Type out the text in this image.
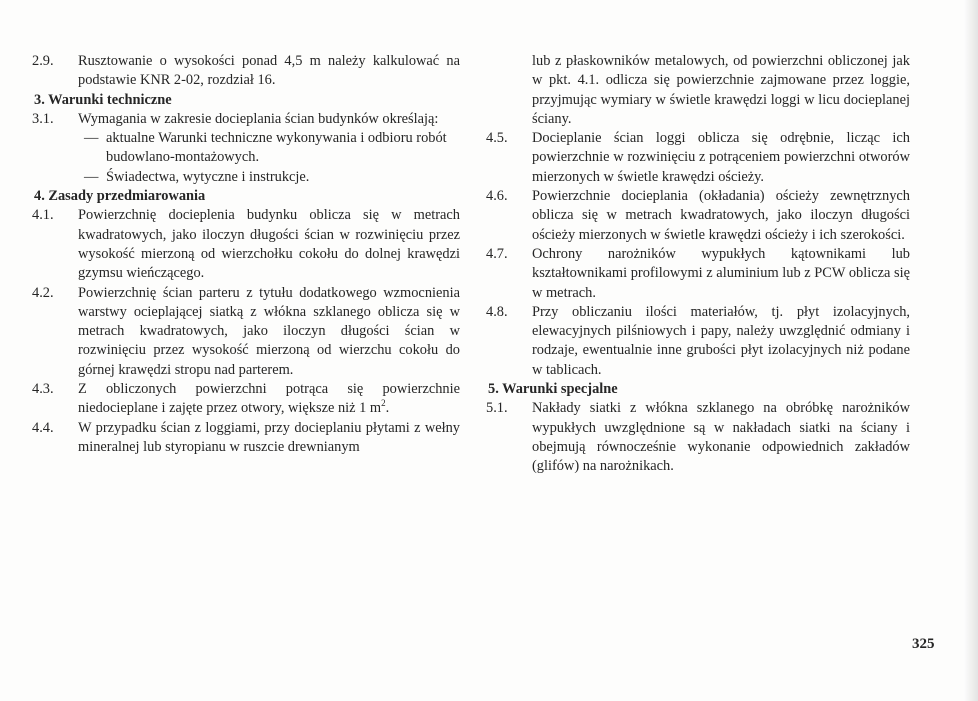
2.9.	Rusztowanie o wysokości ponad 4,5 m należy kalkulować na podstawie KNR 2-02, rozdział 16.
3. Warunki techniczne
3.1.	Wymagania w zakresie docieplania ścian budynków określają:
— aktualne Warunki techniczne wykonywania i odbioru robót budowlano-montażowych.
— Świadectwa, wytyczne i instrukcje.
4. Zasady przedmiarowania
4.1.	Powierzchnię docieplenia budynku oblicza się w metrach kwadratowych, jako iloczyn długości ścian w rozwinięciu przez wysokość mierzoną od wierzchołku cokołu do dolnej krawędzi gzymsu wieńczącego.
4.2.	Powierzchnię ścian parteru z tytułu dodatkowego wzmocnienia warstwy ocieplającej siatką z włókna szklanego oblicza się w metrach kwadratowych, jako iloczyn długości ścian w rozwinięciu przez wysokość mierzoną od wierzchu cokołu do górnej krawędzi stropu nad parterem.
4.3.	Z obliczonych powierzchni potrąca się powierzchnie niedocieplane i zajęte przez otwory, większe niż 1 $m^2$.
4.4.	W przypadku ścian z loggiami, przy docieplaniu płytami z wełny mineralnej lub styropianu w ruszcie drewnianym
lub z płaskowników metalowych, od powierzchni obliczonej jak w pkt. 4.1. odlicza się powierzchnie zajmowane przez loggie, przyjmując wymiary w świetle krawędzi loggi w licu docieplanej ściany.
4.5.	Docieplanie ścian loggi oblicza się odrębnie, licząc ich powierzchnie w rozwinięciu z potrąceniem powierzchni otworów mierzonych w świetle krawędzi ościeży.
4.6.	Powierzchnie docieplania (okładania) ościeży zewnętrznych oblicza się w metrach kwadratowych, jako iloczyn długości ościeży mierzonych w świetle krawędzi ościeży i ich szerokości.
4.7.	Ochrony narożników wypukłych kątownikami lub kształtownikami profilowymi z aluminium lub z PCW oblicza się w metrach.
4.8.	Przy obliczaniu ilości materiałów, tj. płyt izolacyjnych, elewacyjnych pilśniowych i papy, należy uwzględnić odmiany i rodzaje, ewentualnie inne grubości płyt izolacyjnych niż podane w tablicach.
5. Warunki specjalne
5.1.	Nakłady siatki z włókna szklanego na obróbkę narożników wypukłych uwzględnione są w nakładach siatki na ściany i obejmują równocześnie wykonanie odpowiednich zakładów (glifów) na narożnikach.
325
